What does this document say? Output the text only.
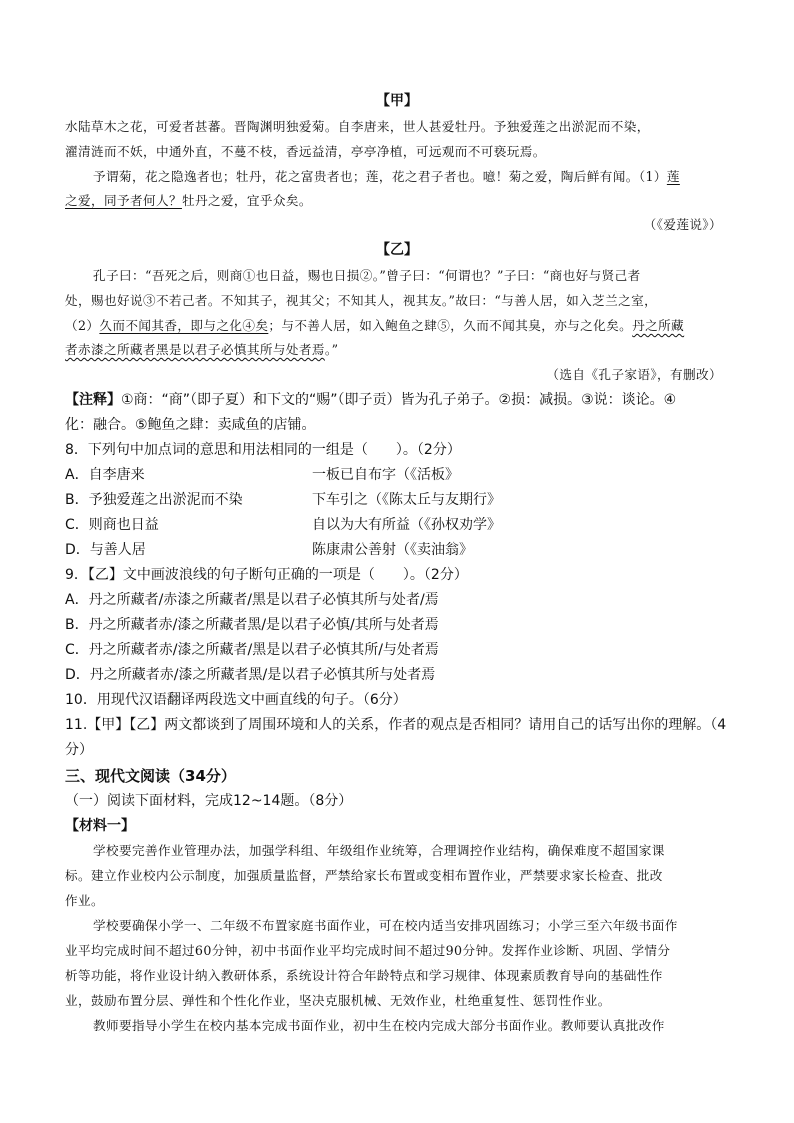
【甲】
水陆草木之花，可爱者甚蕃。晋陶渊明独爱菊。自李唐来，世人甚爱牡丹。予独爱莲之出淤泥而不染，
濯清涟而不妖，中通外直，不蔓不枝，香远益清，亭亭净植，可远观而不可亵玩焉。
予谓菊，花之隐逸者也；牡丹，花之富贵者也；莲，花之君子者也。噫！菊之爱，陶后鲜有闻。（1）莲
之爱，同予者何人？牡丹之爱，宜乎众矣。
（《爱莲说》）
【乙】
孔子曰：“吾死之后，则商①也日益，赐也日损②。”曾子曰：“何谓也？”子曰：“商也好与贤己者
处，赐也好说③不若己者。不知其子，视其父；不知其人，视其友。”故曰：“与善人居，如入芝兰之室，
（2）久而不闻其香，即与之化④矣；与不善人居，如入鲍鱼之肆⑤，久而不闻其臭，亦与之化矣。丹之所藏
者赤漆之所藏者黑是以君子必慎其所与处者焉。”
（选自《孔子家语》，有删改）
【注释】①商：“商”（即子夏）和下文的“赐”（即子贡）皆为孔子弟子。②损：减损。③说：谈论。④
化：融合。⑤鲍鱼之肆：卖咸鱼的店铺。
8．下列句中加点词的意思和用法相同的一组是（　　）。（2分）
A．自李唐来	一板已自布字（《活板》
B．予独爱莲之出淤泥而不染	下车引之（《陈太丘与友期行》
C．则商也日益	自以为大有所益（《孙权劝学》
D．与善人居	陈康肃公善射（《卖油翁》
9．【乙】文中画波浪线的句子断句正确的一项是（　　）。（2分）
A．丹之所藏者/赤漆之所藏者/黑是以君子必慎其所与处者/焉
B．丹之所藏者赤/漆之所藏者黑/是以君子必慎/其所与处者焉
C．丹之所藏者赤/漆之所藏者/黑是以君子必慎其所/与处者焉
D．丹之所藏者赤/漆之所藏者黑/是以君子必慎其所与处者焉
10．用现代汉语翻译两段选文中画直线的句子。（6分）
11.【甲】【乙】两文都谈到了周围环境和人的关系，作者的观点是否相同？请用自己的话写出你的理解。（4
分）
三、现代文阅读（34分）
（一）阅读下面材料，完成12~14题。（8分）
【材料一】
学校要完善作业管理办法，加强学科组、年级组作业统筹，合理调控作业结构，确保难度不超国家课
标。建立作业校内公示制度，加强质量监督，严禁给家长布置或变相布置作业，严禁要求家长检查、批改
作业。
学校要确保小学一、二年级不布置家庭书面作业，可在校内适当安排巩固练习；小学三至六年级书面作
业平均完成时间不超过60分钟，初中书面作业平均完成时间不超过90分钟。发挥作业诊断、巩固、学情分
析等功能，将作业设计纳入教研体系，系统设计符合年龄特点和学习规律、体现素质教育导向的基础性作
业，鼓励布置分层、弹性和个性化作业，坚决克服机械、无效作业，杜绝重复性、惩罚性作业。
教师要指导小学生在校内基本完成书面作业，初中生在校内完成大部分书面作业。教师要认真批改作
